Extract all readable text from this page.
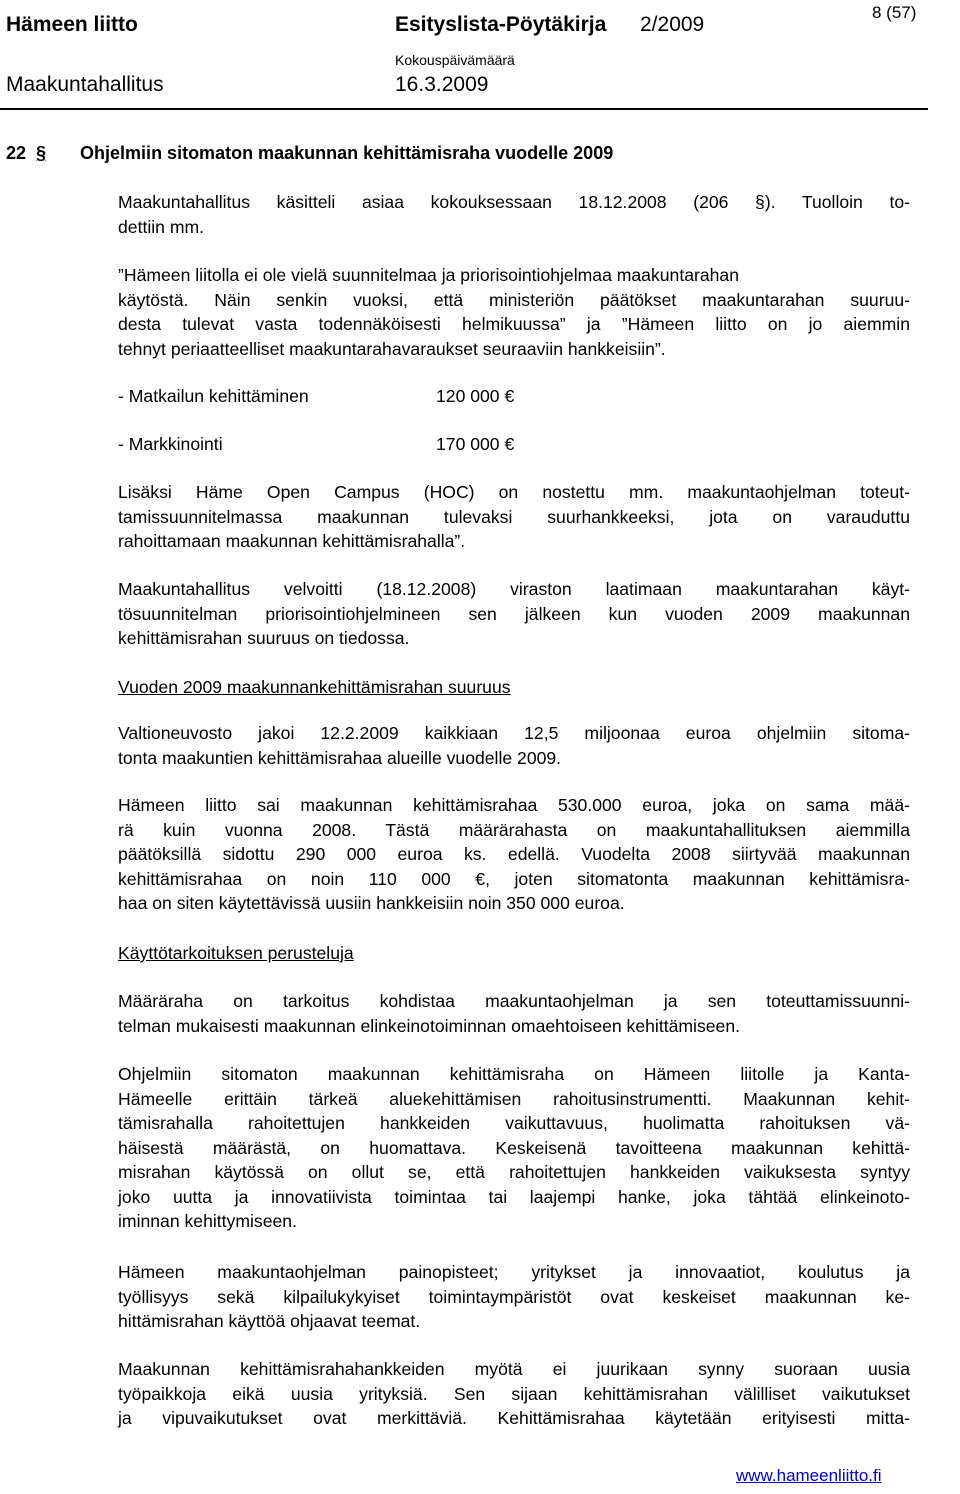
Hämeen liitto	Esityslista-Pöytäkirja 2/2009
8 (57)
Maakuntahallitus
Kokouspäivämäärä
16.3.2009
22 § Ohjelmiin sitomaton maakunnan kehittämisraha vuodelle 2009
Maakuntahallitus käsitteli asiaa kokouksessaan 18.12.2008 (206 §). Tuolloin to-
dettiin mm.
”Hämeen liitolla ei ole vielä suunnitelmaa ja priorisointiohjelmaa maakuntarahan
käytöstä. Näin senkin vuoksi, että ministeriön päätökset maakuntarahan suuruu-
desta tulevat vasta todennäköisesti helmikuussa” ja ”Hämeen liitto on jo aiemmin
tehnyt periaatteelliset maakuntarahavaraukset seuraaviin hankkeisiin”.
- Matkailun kehittäminen	120 000 €
- Markkinointi	170 000 €
Lisäksi Häme Open Campus (HOC) on nostettu mm. maakuntaohjelman toteut-
tamissuunnitelmassa maakunnan tulevaksi suurhankkeeksi, jota on varauduttu
rahoittamaan maakunnan kehittämisrahalla”.
Maakuntahallitus velvoitti (18.12.2008) viraston laatimaan maakuntarahan käyt-
tösuunnitelman priorisointiohjelmineen sen jälkeen kun vuoden 2009 maakunnan
kehittämisrahan suuruus on tiedossa.
Vuoden 2009 maakunnankehittämisrahan suuruus
Valtioneuvosto jakoi 12.2.2009 kaikkiaan 12,5 miljoonaa euroa ohjelmiin sitoma-
tonta maakuntien kehittämisrahaa alueille vuodelle 2009.
Hämeen liitto sai maakunnan kehittämisrahaa 530.000 euroa, joka on sama mää-
rä kuin vuonna 2008. Tästä määrärahasta on maakuntahallituksen aiemmilla
päätöksillä sidottu 290 000 euroa ks. edellä. Vuodelta 2008 siirtyvää maakunnan
kehittämisrahaa on noin 110 000 €, joten sitomatonta maakunnan kehittämisra-
haa on siten käytettävissä uusiin hankkeisiin noin 350 000 euroa.
Käyttötarkoituksen perusteluja
Määräraha on tarkoitus kohdistaa maakuntaohjelman ja sen toteuttamissuunni-
telman mukaisesti maakunnan elinkeinotoiminnan omaehtoiseen kehittämiseen.
Ohjelmiin sitomaton maakunnan kehittämisraha on Hämeen liitolle ja Kanta-
Hämeelle erittäin tärkeä aluekehittämisen rahoitusinstrumentti. Maakunnan kehit-
tämisrahalla rahoitettujen hankkeiden vaikuttavuus, huolimatta rahoituksen vä-
häisestä määrästä, on huomattava. Keskeisenä tavoitteena maakunnan kehittä-
misrahan käytössä on ollut se, että rahoitettujen hankkeiden vaikuksesta syntyy
joko uutta ja innovatiivista toimintaa tai laajempi hanke, joka tähtää elinkeinoto-
iminnan kehittymiseen.
Hämeen maakuntaohjelman painopisteet; yritykset ja innovaatiot, koulutus ja
työllisyys sekä kilpailukykyiset toimintaympäristöt ovat keskeiset maakunnan ke-
hittämisrahan käyttöä ohjaavat teemat.
Maakunnan kehittämisrahahankkeiden myötä ei juurikaan synny suoraan uusia
työpaikkoja eikä uusia yrityksiä. Sen sijaan kehittämisrahan välilliset vaikutukset
ja vipuvaikutukset ovat merkittäviä. Kehittämisrahaa käytetään erityisesti mitta-
www.hameenliitto.fi
